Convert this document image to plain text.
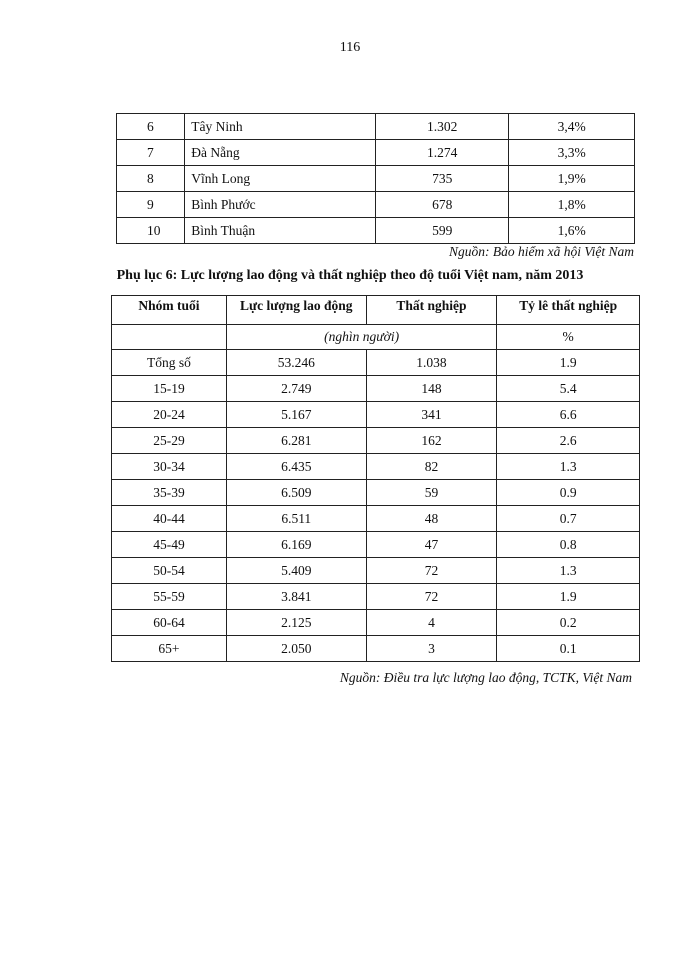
116
6	Tây Ninh	1.302	3,4%
7	Đà Nẵng	1.274	3,3%
8	Vĩnh Long	735	1,9%
9	Bình Phước	678	1,8%
10	Bình Thuận	599	1,6%
Nguồn: Bảo hiểm xã hội Việt Nam
Phụ lục 6: Lực lượng lao động và thất nghiệp theo độ tuổi Việt nam, năm 2013
Nhóm tuổi	Lực lượng lao động	Thất nghiệp	Tỷ lê thất nghiệp
	(nghìn người)		%
Tổng số	53.246	1.038	1.9
15-19	2.749	148	5.4
20-24	5.167	341	6.6
25-29	6.281	162	2.6
30-34	6.435	82	1.3
35-39	6.509	59	0.9
40-44	6.511	48	0.7
45-49	6.169	47	0.8
50-54	5.409	72	1.3
55-59	3.841	72	1.9
60-64	2.125	4	0.2
65+	2.050	3	0.1
Nguồn: Điều tra lực lượng lao động, TCTK, Việt Nam
